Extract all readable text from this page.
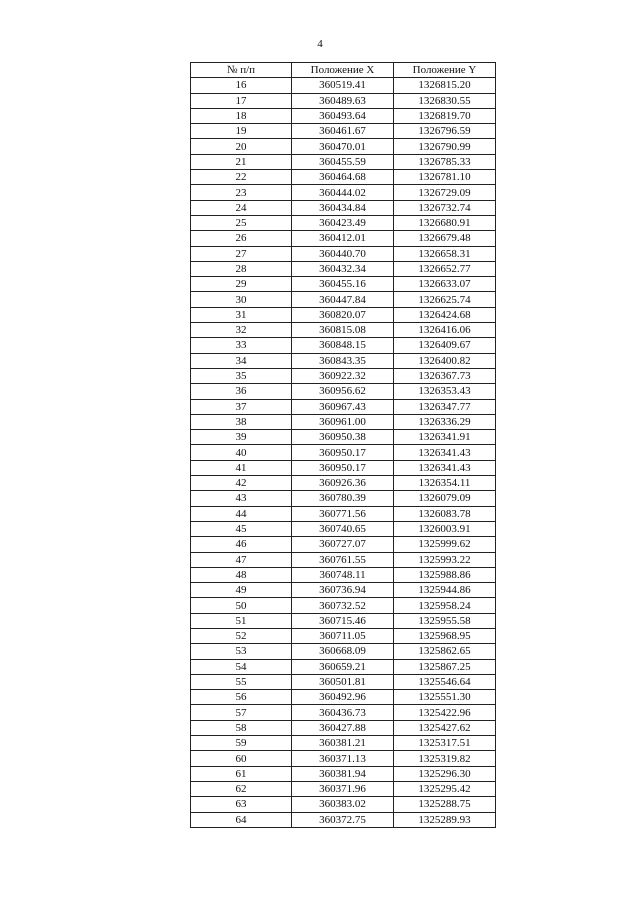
4
№ п/п	Положение X	Положение Y
16	360519.41	1326815.20
17	360489.63	1326830.55
18	360493.64	1326819.70
19	360461.67	1326796.59
20	360470.01	1326790.99
21	360455.59	1326785.33
22	360464.68	1326781.10
23	360444.02	1326729.09
24	360434.84	1326732.74
25	360423.49	1326680.91
26	360412.01	1326679.48
27	360440.70	1326658.31
28	360432.34	1326652.77
29	360455.16	1326633.07
30	360447.84	1326625.74
31	360820.07	1326424.68
32	360815.08	1326416.06
33	360848.15	1326409.67
34	360843.35	1326400.82
35	360922.32	1326367.73
36	360956.62	1326353.43
37	360967.43	1326347.77
38	360961.00	1326336.29
39	360950.38	1326341.91
40	360950.17	1326341.43
41	360950.17	1326341.43
42	360926.36	1326354.11
43	360780.39	1326079.09
44	360771.56	1326083.78
45	360740.65	1326003.91
46	360727.07	1325999.62
47	360761.55	1325993.22
48	360748.11	1325988.86
49	360736.94	1325944.86
50	360732.52	1325958.24
51	360715.46	1325955.58
52	360711.05	1325968.95
53	360668.09	1325862.65
54	360659.21	1325867.25
55	360501.81	1325546.64
56	360492.96	1325551.30
57	360436.73	1325422.96
58	360427.88	1325427.62
59	360381.21	1325317.51
60	360371.13	1325319.82
61	360381.94	1325296.30
62	360371.96	1325295.42
63	360383.02	1325288.75
64	360372.75	1325289.93
